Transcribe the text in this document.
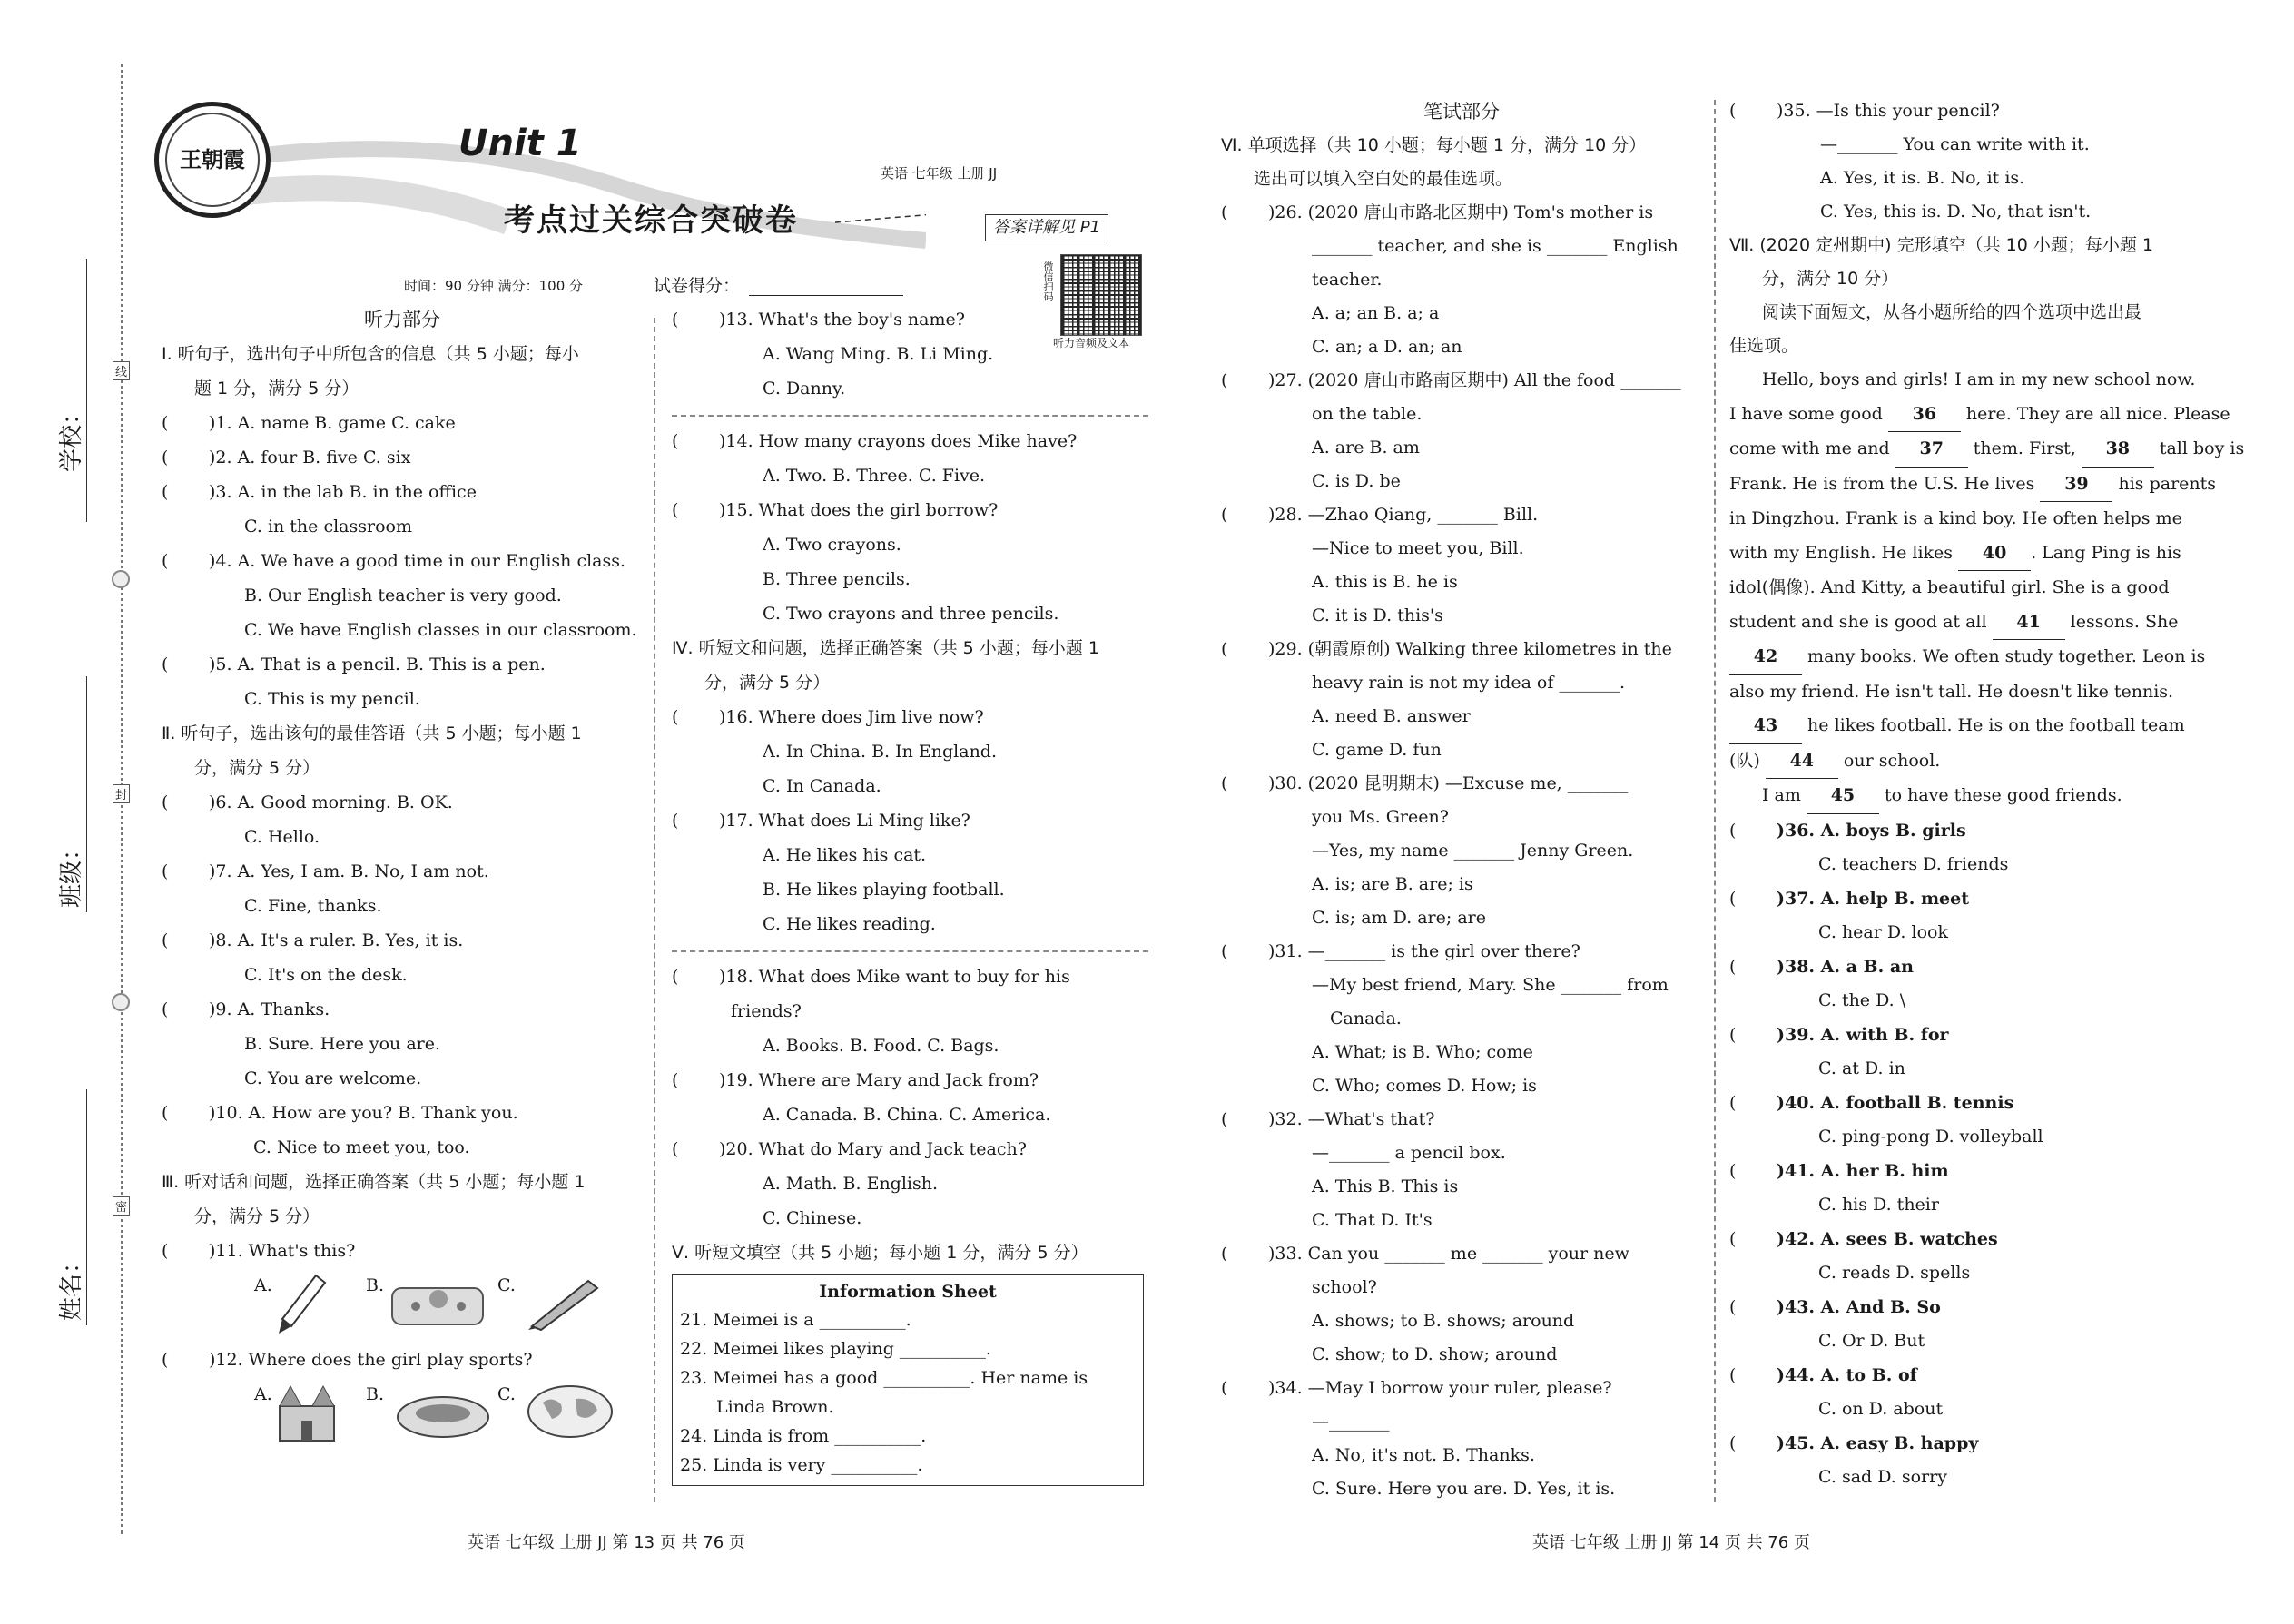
线
封
密
学校：
班级：
姓名：
王朝霞	Unit 1
考点过关综合突破卷
英语 七年级 上册 JJ
答案详解见 P1
微信扫码
听力音频及文本
时间：90 分钟 满分：100 分	试卷得分：
听力部分
Ⅰ. 听句子，选出句子中所包含的信息（共 5 小题；每小
题 1 分，满分 5 分）
( )1. A. name B. game C. cake
( )2. A. four B. five C. six
( )3. A. in the lab B. in the office
C. in the classroom
( )4. A. We have a good time in our English class.
B. Our English teacher is very good.
C. We have English classes in our classroom.
( )5. A. That is a pencil. B. This is a pen.
C. This is my pencil.
Ⅱ. 听句子，选出该句的最佳答语（共 5 小题；每小题 1
分，满分 5 分）
( )6. A. Good morning. B. OK.
C. Hello.
( )7. A. Yes, I am. B. No, I am not.
C. Fine, thanks.
( )8. A. It's a ruler. B. Yes, it is.
C. It's on the desk.
( )9. A. Thanks.
B. Sure. Here you are.
C. You are welcome.
( )10. A. How are you? B. Thank you.
C. Nice to meet you, too.
Ⅲ. 听对话和问题，选择正确答案（共 5 小题；每小题 1
分，满分 5 分）
( )11. What's this?
A.	B.	C.
( )12. Where does the girl play sports?
A.	B.	C.
( )13. What's the boy's name?
A. Wang Ming. B. Li Ming.
C. Danny.
( )14. How many crayons does Mike have?
A. Two. B. Three. C. Five.
( )15. What does the girl borrow?
A. Two crayons.
B. Three pencils.
C. Two crayons and three pencils.
Ⅳ. 听短文和问题，选择正确答案（共 5 小题；每小题 1
分，满分 5 分）
( )16. Where does Jim live now?
A. In China. B. In England.
C. In Canada.
( )17. What does Li Ming like?
A. He likes his cat.
B. He likes playing football.
C. He likes reading.
( )18. What does Mike want to buy for his
friends?
A. Books. B. Food. C. Bags.
( )19. Where are Mary and Jack from?
A. Canada. B. China. C. America.
( )20. What do Mary and Jack teach?
A. Math. B. English.
C. Chinese.
Ⅴ. 听短文填空（共 5 小题；每小题 1 分，满分 5 分）
Information Sheet
21. Meimei is a __________.
22. Meimei likes playing __________.
23. Meimei has a good __________. Her name is
Linda Brown.
24. Linda is from __________.
25. Linda is very __________.
笔试部分
Ⅵ. 单项选择（共 10 小题；每小题 1 分，满分 10 分）
选出可以填入空白处的最佳选项。
( )26. (2020 唐山市路北区期中) Tom's mother is
_______ teacher, and she is _______ English
teacher.
A. a; an B. a; a
C. an; a D. an; an
( )27. (2020 唐山市路南区期中) All the food _______
on the table.
A. are B. am
C. is D. be
( )28. —Zhao Qiang, _______ Bill.
—Nice to meet you, Bill.
A. this is B. he is
C. it is D. this's
( )29. (朝霞原创) Walking three kilometres in the
heavy rain is not my idea of _______.
A. need B. answer
C. game D. fun
( )30. (2020 昆明期末) —Excuse me, _______
you Ms. Green?
—Yes, my name _______ Jenny Green.
A. is; are B. are; is
C. is; am D. are; are
( )31. —_______ is the girl over there?
—My best friend, Mary. She _______ from
Canada.
A. What; is B. Who; come
C. Who; comes D. How; is
( )32. —What's that?
—_______ a pencil box.
A. This B. This is
C. That D. It's
( )33. Can you _______ me _______ your new
school?
A. shows; to B. shows; around
C. show; to D. show; around
( )34. —May I borrow your ruler, please?
—_______
A. No, it's not. B. Thanks.
C. Sure. Here you are. D. Yes, it is.
( )35. —Is this your pencil?
—_______ You can write with it.
A. Yes, it is. B. No, it is.
C. Yes, this is. D. No, that isn't.
Ⅶ. (2020 定州期中) 完形填空（共 10 小题；每小题 1
分，满分 10 分）
阅读下面短文，从各小题所给的四个选项中选出最
佳选项。
Hello, boys and girls! I am in my new school now.
I have some good 36 here. They are all nice. Please
come with me and 37 them. First, 38 tall boy is
Frank. He is from the U.S. He lives 39 his parents
in Dingzhou. Frank is a kind boy. He often helps me
with my English. He likes 40 . Lang Ping is his
idol(偶像). And Kitty, a beautiful girl. She is a good
student and she is good at all 41 lessons. She
42 many books. We often study together. Leon is
also my friend. He isn't tall. He doesn't like tennis.
43 he likes football. He is on the football team
(队) 44 our school.
I am 45 to have these good friends.
( )36. A. boys B. girls
C. teachers D. friends
( )37. A. help B. meet
C. hear D. look
( )38. A. a B. an
C. the D. \
( )39. A. with B. for
C. at D. in
( )40. A. football B. tennis
C. ping-pong D. volleyball
( )41. A. her B. him
C. his D. their
( )42. A. sees B. watches
C. reads D. spells
( )43. A. And B. So
C. Or D. But
( )44. A. to B. of
C. on D. about
( )45. A. easy B. happy
C. sad D. sorry
英语 七年级 上册 JJ 第 13 页 共 76 页	英语 七年级 上册 JJ 第 14 页 共 76 页
